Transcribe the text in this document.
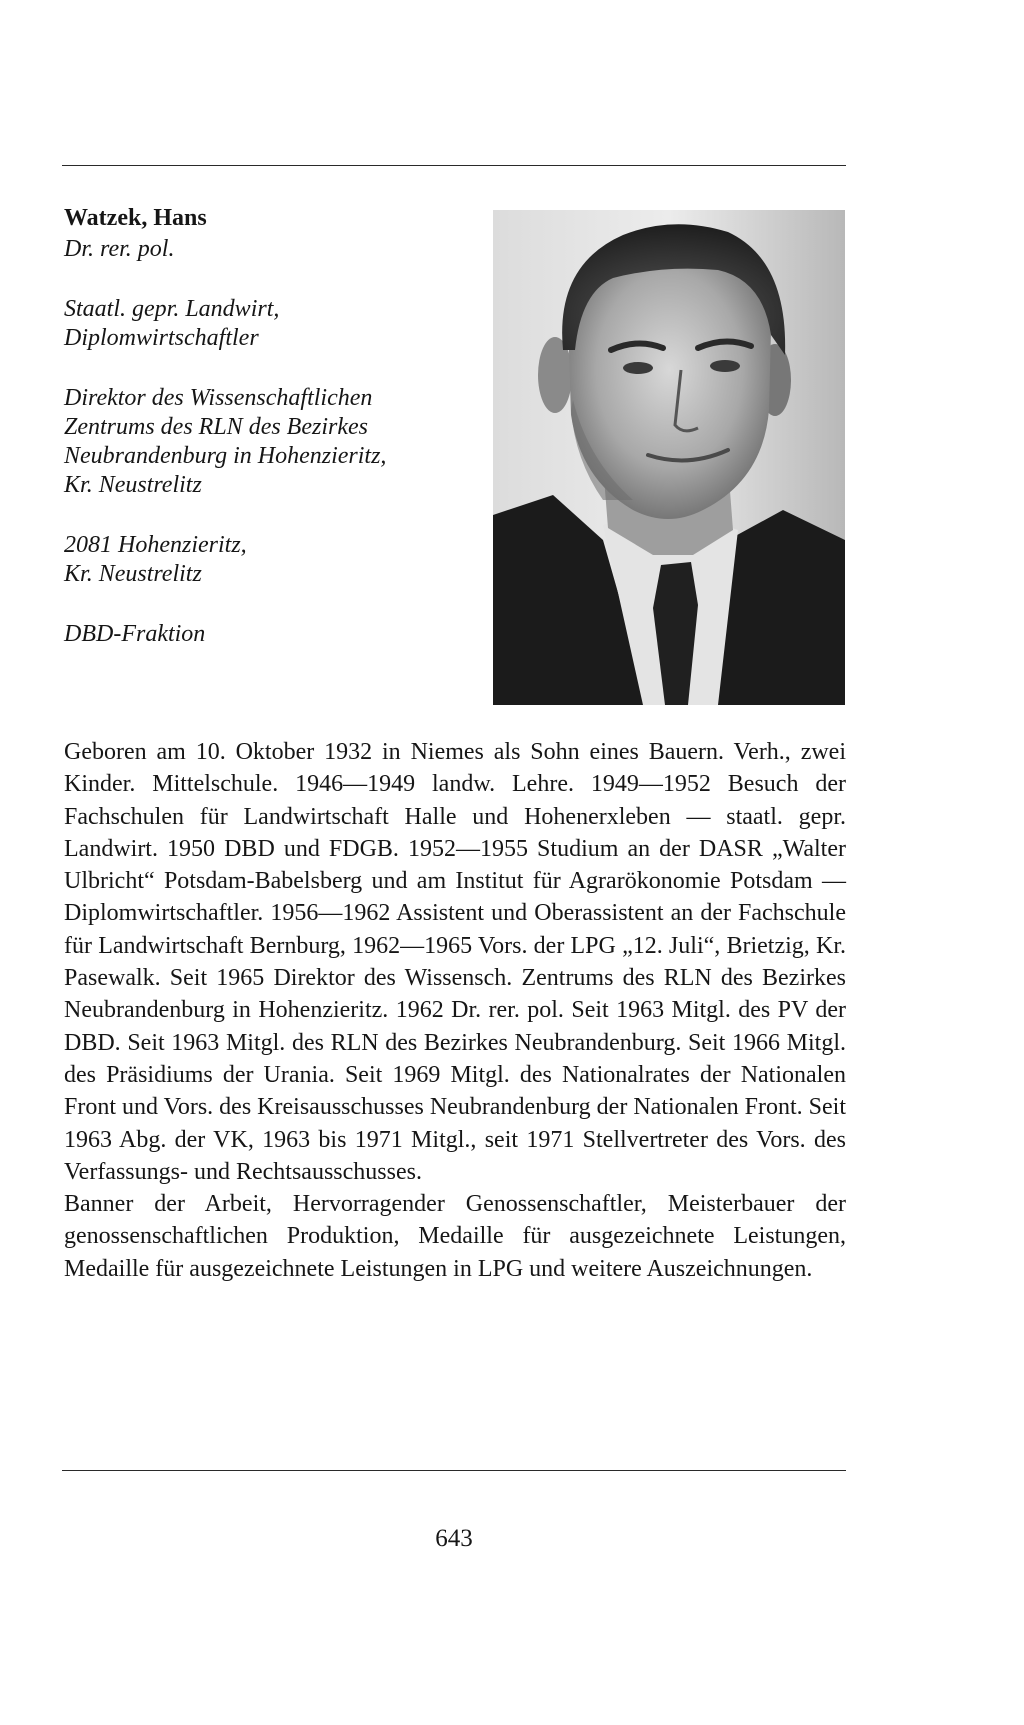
Watzek, Hans

Dr. rer. pol.

Staatl. gepr. Landwirt,

Diplomwirtschaftler

Direktor des Wissenschaftlichen

Zentrums des RLN des Bezirkes

Neubrandenburg in Hohenzieritz,

Kr. Neustrelitz

2081 Hohenzieritz,

Kr. Neustrelitz

DBD-Fraktion

Geboren am 10. Oktober 1932 in Niemes als Sohn eines Bauern. Verh., zwei Kinder. Mittelschule. 1946—1949 landw. Lehre. 1949—1952 Besuch der Fachschulen für Landwirtschaft Halle und Hohenerxleben — staatl. gepr. Landwirt. 1950 DBD und FDGB. 1952—1955 Studium an der DASR „Walter Ulbricht“ Potsdam-Babelsberg und am Institut für Agrarökonomie Potsdam — Diplomwirtschaftler. 1956—1962 Assistent und Oberassistent an der Fachschule für Landwirtschaft Bernburg, 1962—1965 Vors. der LPG „12. Juli“, Brietzig, Kr. Pasewalk. Seit 1965 Direktor des Wissensch. Zentrums des RLN des Bezirkes Neubrandenburg in Hohenzieritz. 1962 Dr. rer. pol. Seit 1963 Mitgl. des PV der DBD. Seit 1963 Mitgl. des RLN des Bezirkes Neubrandenburg. Seit 1966 Mitgl. des Präsidiums der Urania. Seit 1969 Mitgl. des Nationalrates der Nationalen Front und Vors. des Kreisausschusses Neubrandenburg der Nationalen Front. Seit 1963 Abg. der VK, 1963 bis 1971 Mitgl., seit 1971 Stellvertreter des Vors. des Verfassungs- und Rechtsausschusses.

Banner der Arbeit, Hervorragender Genossenschaftler, Meisterbauer der genossenschaftlichen Produktion, Medaille für ausgezeichnete Leistungen, Medaille für ausgezeichnete Leistungen in LPG und weitere Auszeichnungen.

643
